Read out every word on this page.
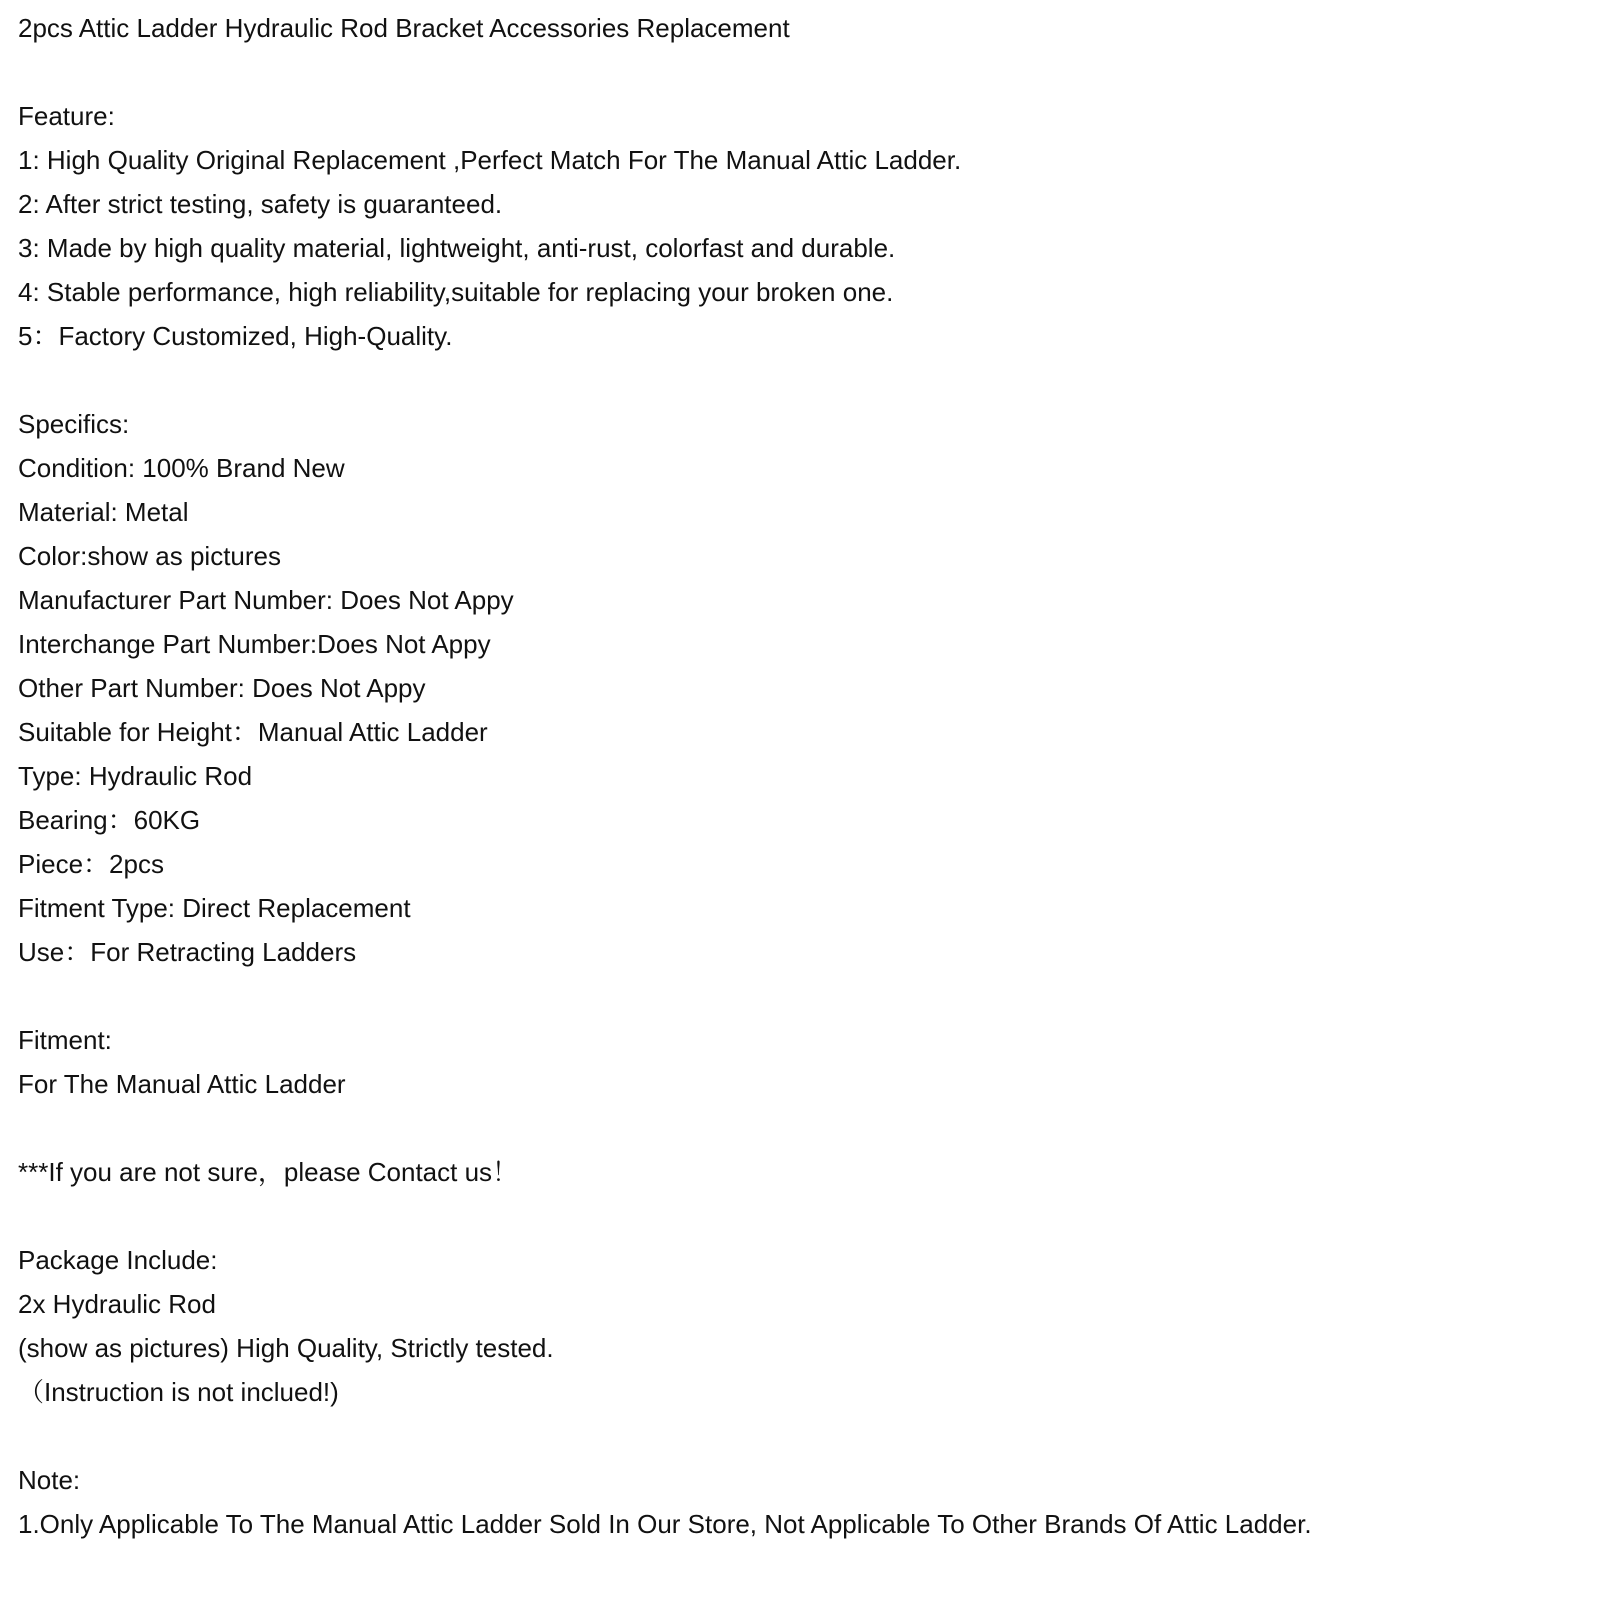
2pcs Attic Ladder Hydraulic Rod Bracket Accessories Replacement
Feature:
1: High Quality Original Replacement ,Perfect Match For The Manual Attic Ladder.
2: After strict testing, safety is guaranteed.
3: Made by high quality material, lightweight, anti-rust, colorfast and durable.
4: Stable performance, high reliability,suitable for replacing your broken one.
5：Factory Customized, High-Quality.
Specifics:
Condition: 100% Brand New
Material: Metal
Color:show as pictures
Manufacturer Part Number: Does Not Appy
Interchange Part Number:Does Not Appy
Other Part Number: Does Not Appy
Suitable for Height：Manual Attic Ladder
Type: Hydraulic Rod
Bearing：60KG
Piece：2pcs
Fitment Type: Direct Replacement
Use：For Retracting Ladders
Fitment:
For The Manual Attic Ladder
***If you are not sure，please Contact us！
Package Include:
2x Hydraulic Rod
(show as pictures) High Quality, Strictly tested.
（Instruction is not inclued!)
Note:
1.Only Applicable To The Manual Attic Ladder Sold In Our Store, Not Applicable To Other Brands Of Attic Ladder.
